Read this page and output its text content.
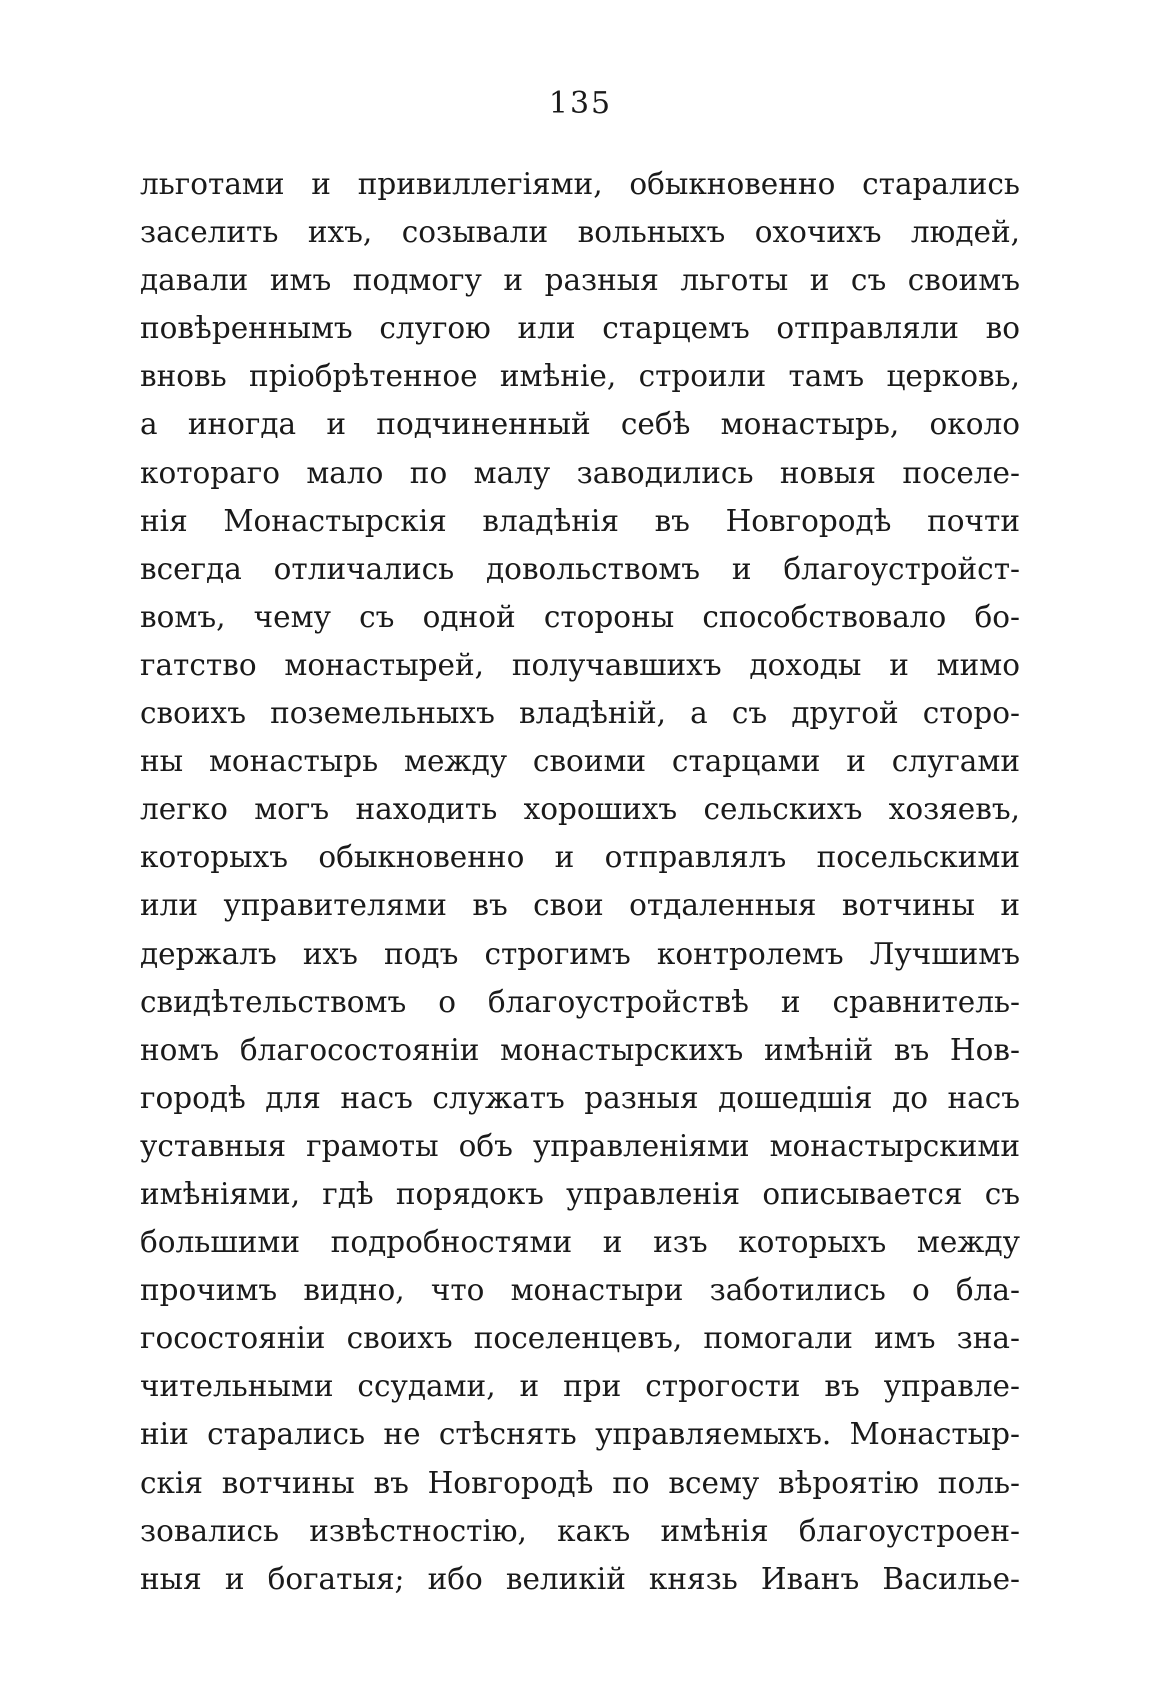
135
льготами и привиллегіями, обыкновенно старались
заселить ихъ, созывали вольныхъ охочихъ людей,
давали имъ подмогу и разныя льготы и съ своимъ
повѣреннымъ слугою или старцемъ отправляли во
вновь пріобрѣтенное имѣніе, строили тамъ церковь,
а иногда и подчиненный себѣ монастырь, около
котораго мало по малу заводились новыя поселе-
нія Монастырскія владѣнія въ Новгородѣ почти
всегда отличались довольствомъ и благоустройст-
вомъ, чему съ одной стороны способствовало бо-
гатство монастырей, получавшихъ доходы и мимо
своихъ поземельныхъ владѣній, а съ другой сторо-
ны монастырь между своими старцами и слугами
легко могъ находить хорошихъ сельскихъ хозяевъ,
которыхъ обыкновенно и отправлялъ посельскими
или управителями въ свои отдаленныя вотчины и
держалъ ихъ подъ строгимъ контролемъ Лучшимъ
свидѣтельствомъ о благоустройствѣ и сравнитель-
номъ благосостояніи монастырскихъ имѣній въ Нов-
городѣ для насъ служатъ разныя дошедшія до насъ
уставныя грамоты объ управленіями монастырскими
имѣніями, гдѣ порядокъ управленія описывается съ
большими подробностями и изъ которыхъ между
прочимъ видно, что монастыри заботились о бла-
госостояніи своихъ поселенцевъ, помогали имъ зна-
чительными ссудами, и при строгости въ управле-
ніи старались не стѣснять управляемыхъ. Монастыр-
скія вотчины въ Новгородѣ по всему вѣроятію поль-
зовались извѣстностію, какъ имѣнія благоустроен-
ныя и богатыя; ибо великій князь Иванъ Василье-
